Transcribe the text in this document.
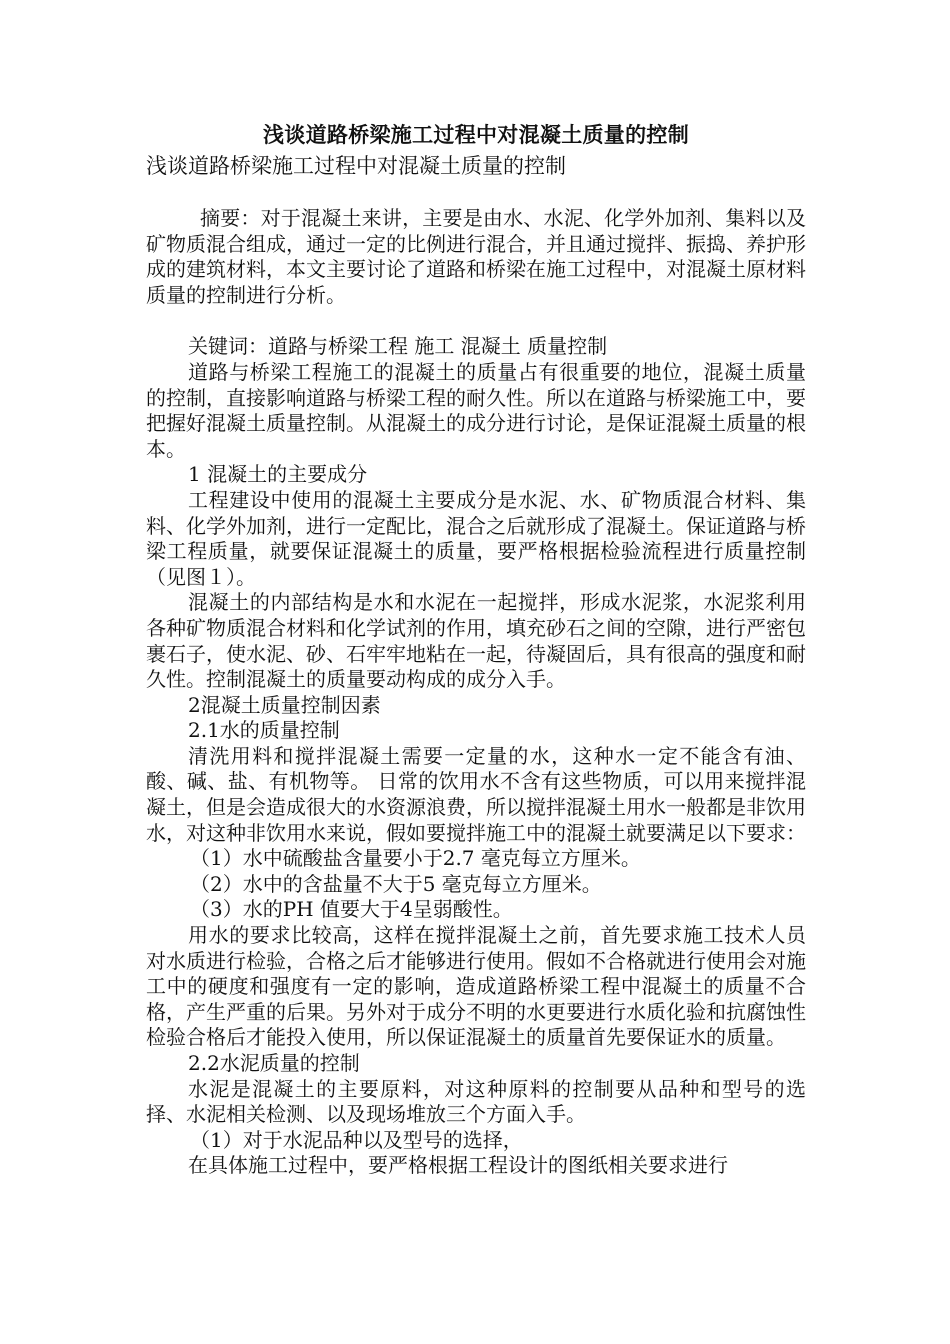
浅谈道路桥梁施工过程中对混凝土质量的控制
浅谈道路桥梁施工过程中对混凝土质量的控制

摘要：对于混凝土来讲，主要是由水、水泥、化学外加剂、集料以及矿物质混合组成，通过一定的比例进行混合，并且通过搅拌、振捣、养护形成的建筑材料，本文主要讨论了道路和桥梁在施工过程中，对混凝土原材料质量的控制进行分析。

关键词：道路与桥梁工程 施工 混凝土 质量控制

道路与桥梁工程施工的混凝土的质量占有很重要的地位，混凝土质量的控制，直接影响道路与桥梁工程的耐久性。所以在道路与桥梁施工中，要把握好混凝土质量控制。从混凝土的成分进行讨论，是保证混凝土质量的根本。

1 混凝土的主要成分

工程建设中使用的混凝土主要成分是水泥、水、矿物质混合材料、集料、化学外加剂，进行一定配比，混合之后就形成了混凝土。保证道路与桥梁工程质量，就要保证混凝土的质量，要严格根据检验流程进行质量控制（见图１）。

混凝土的内部结构是水和水泥在一起搅拌，形成水泥浆，水泥浆利用各种矿物质混合材料和化学试剂的作用，填充砂石之间的空隙，进行严密包裹石子，使水泥、砂、石牢牢地粘在一起，待凝固后，具有很高的强度和耐久性。控制混凝土的质量要动构成的成分入手。

2混凝土质量控制因素
2.1水的质量控制

清洗用料和搅拌混凝土需要一定量的水，这种水一定不能含有油、酸、碱、盐、有机物等。 日常的饮用水不含有这些物质，可以用来搅拌混凝土，但是会造成很大的水资源浪费，所以搅拌混凝土用水一般都是非饮用水，对这种非饮用水来说，假如要搅拌施工中的混凝土就要满足以下要求：

（1）水中硫酸盐含量要小于2.7 毫克每立方厘米。
（2）水中的含盐量不大于5 毫克每立方厘米。
（3）水的PH 值要大于4呈弱酸性。

用水的要求比较高，这样在搅拌混凝土之前，首先要求施工技术人员对水质进行检验，合格之后才能够进行使用。假如不合格就进行使用会对施工中的硬度和强度有一定的影响，造成道路桥梁工程中混凝土的质量不合格，产生严重的后果。另外对于成分不明的水更要进行水质化验和抗腐蚀性检验合格后才能投入使用，所以保证混凝土的质量首先要保证水的质量。

2.2水泥质量的控制

水泥是混凝土的主要原料，对这种原料的控制要从品种和型号的选择、水泥相关检测、以及现场堆放三个方面入手。

（1）对于水泥品种以及型号的选择，

在具体施工过程中，要严格根据工程设计的图纸相关要求进行
